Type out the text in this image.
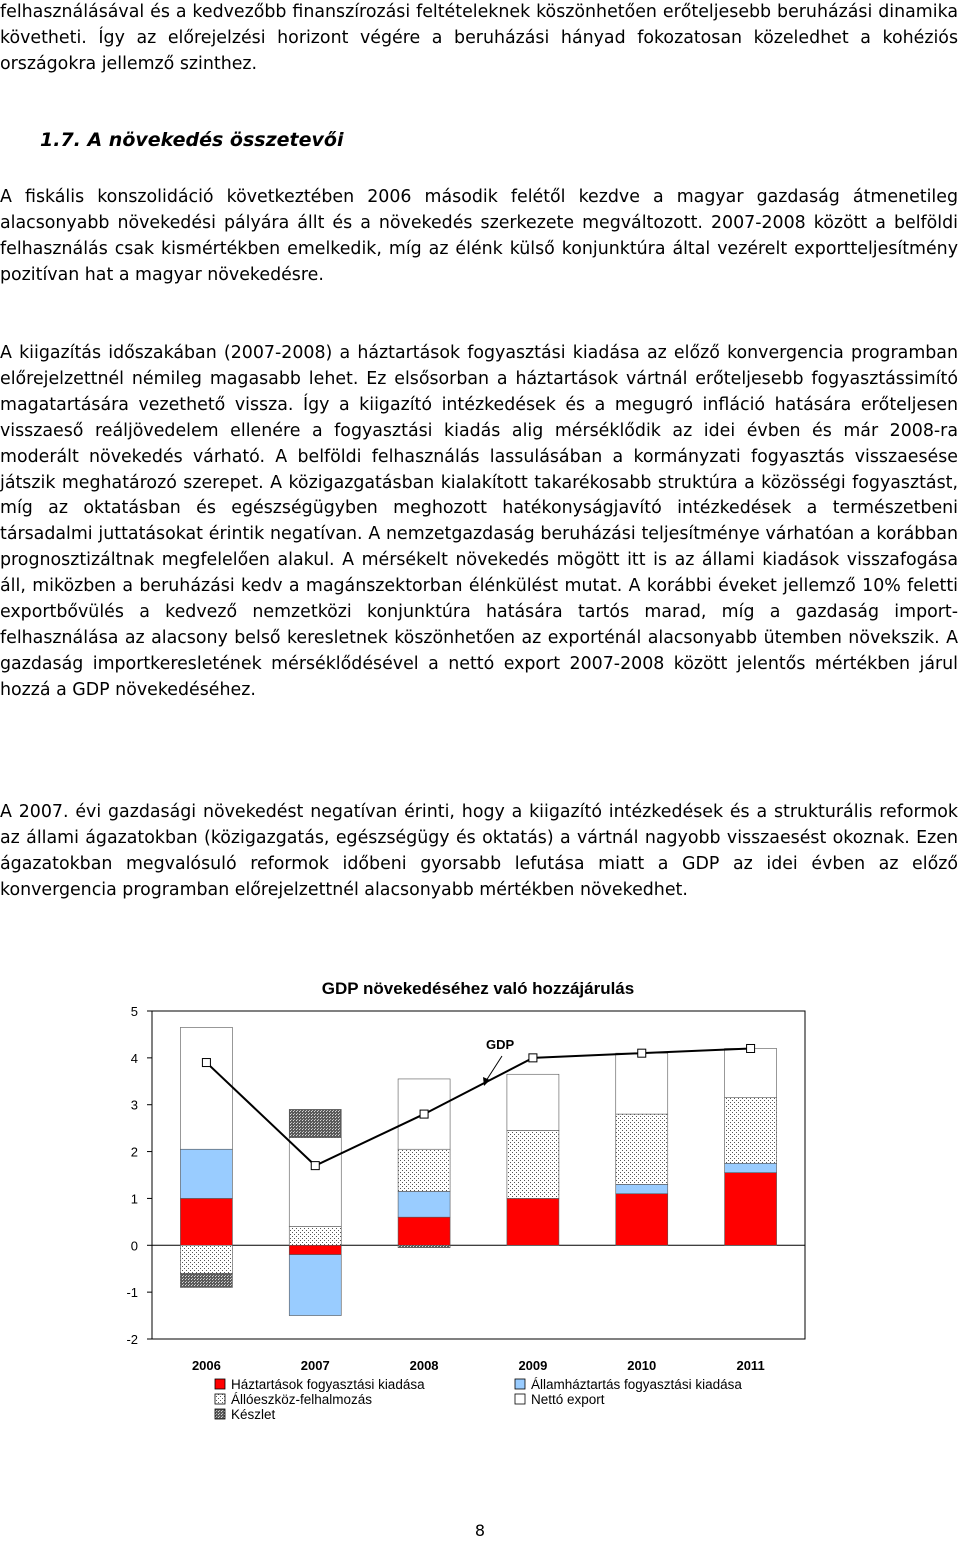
felhasználásával és a kedvezőbb finanszírozási feltételeknek köszönhetően erőteljesebb beruházási dinamika követheti. Így az előrejelzési horizont végére a beruházási hányad fokozatosan közeledhet a kohéziós országokra jellemző szinthez.

1.7. A növekedés összetevői

A fiskális konszolidáció következtében 2006 második felétől kezdve a magyar gazdaság átmenetileg alacsonyabb növekedési pályára állt és a növekedés szerkezete megváltozott. 2007-2008 között a belföldi felhasználás csak kismértékben emelkedik, míg az élénk külső konjunktúra által vezérelt exportteljesítmény pozitívan hat a magyar növekedésre.

A kiigazítás időszakában (2007-2008) a háztartások fogyasztási kiadása az előző konvergencia programban előrejelzettnél némileg magasabb lehet. Ez elsősorban a háztartások vártnál erőteljesebb fogyasztássimító magatartására vezethető vissza. Így a kiigazító intézkedések és a megugró infláció hatására erőteljesen visszaeső reáljövedelem ellenére a fogyasztási kiadás alig mérséklődik az idei évben és már 2008-ra moderált növekedés várható. A belföldi felhasználás lassulásában a kormányzati fogyasztás visszaesése játszik meghatározó szerepet. A közigazgatásban kialakított takarékosabb struktúra a közösségi fogyasztást, míg az oktatásban és egészségügyben meghozott hatékonyságjavító intézkedések a természetbeni társadalmi juttatásokat érintik negatívan. A nemzetgazdaság beruházási teljesítménye várhatóan a korábban prognosztizáltnak megfelelően alakul. A mérsékelt növekedés mögött itt is az állami kiadások visszafogása áll, miközben a beruházási kedv a magánszektorban élénkülést mutat. A korábbi éveket jellemző 10% feletti exportbővülés a kedvező nemzetközi konjunktúra hatására tartós marad, míg a gazdaság import-felhasználása az alacsony belső keresletnek köszönhetően az exporténál alacsonyabb ütemben növekszik. A gazdaság importkeresletének mérséklődésével a nettó export 2007-2008 között jelentős mértékben járul hozzá a GDP növekedéséhez.

A 2007. évi gazdasági növekedést negatívan érinti, hogy a kiigazító intézkedések és a strukturális reformok az állami ágazatokban (közigazgatás, egészségügy és oktatás) a vártnál nagyobb visszaesést okoznak. Ezen ágazatokban megvalósuló reformok időbeni gyorsabb lefutása miatt a GDP az idei évben az előző konvergencia programban előrejelzettnél alacsonyabb mértékben növekedhet.

GDP növekedéséhez való hozzájárulás
5
4
3
2
1
0
-1
-2
2006	2007	2008	2009	2010	2011
GDP
Háztartások fogyasztási kiadása	Államháztartás fogyasztási kiadása
Állóeszköz-felhalmozás	Nettó export
Készlet
8
